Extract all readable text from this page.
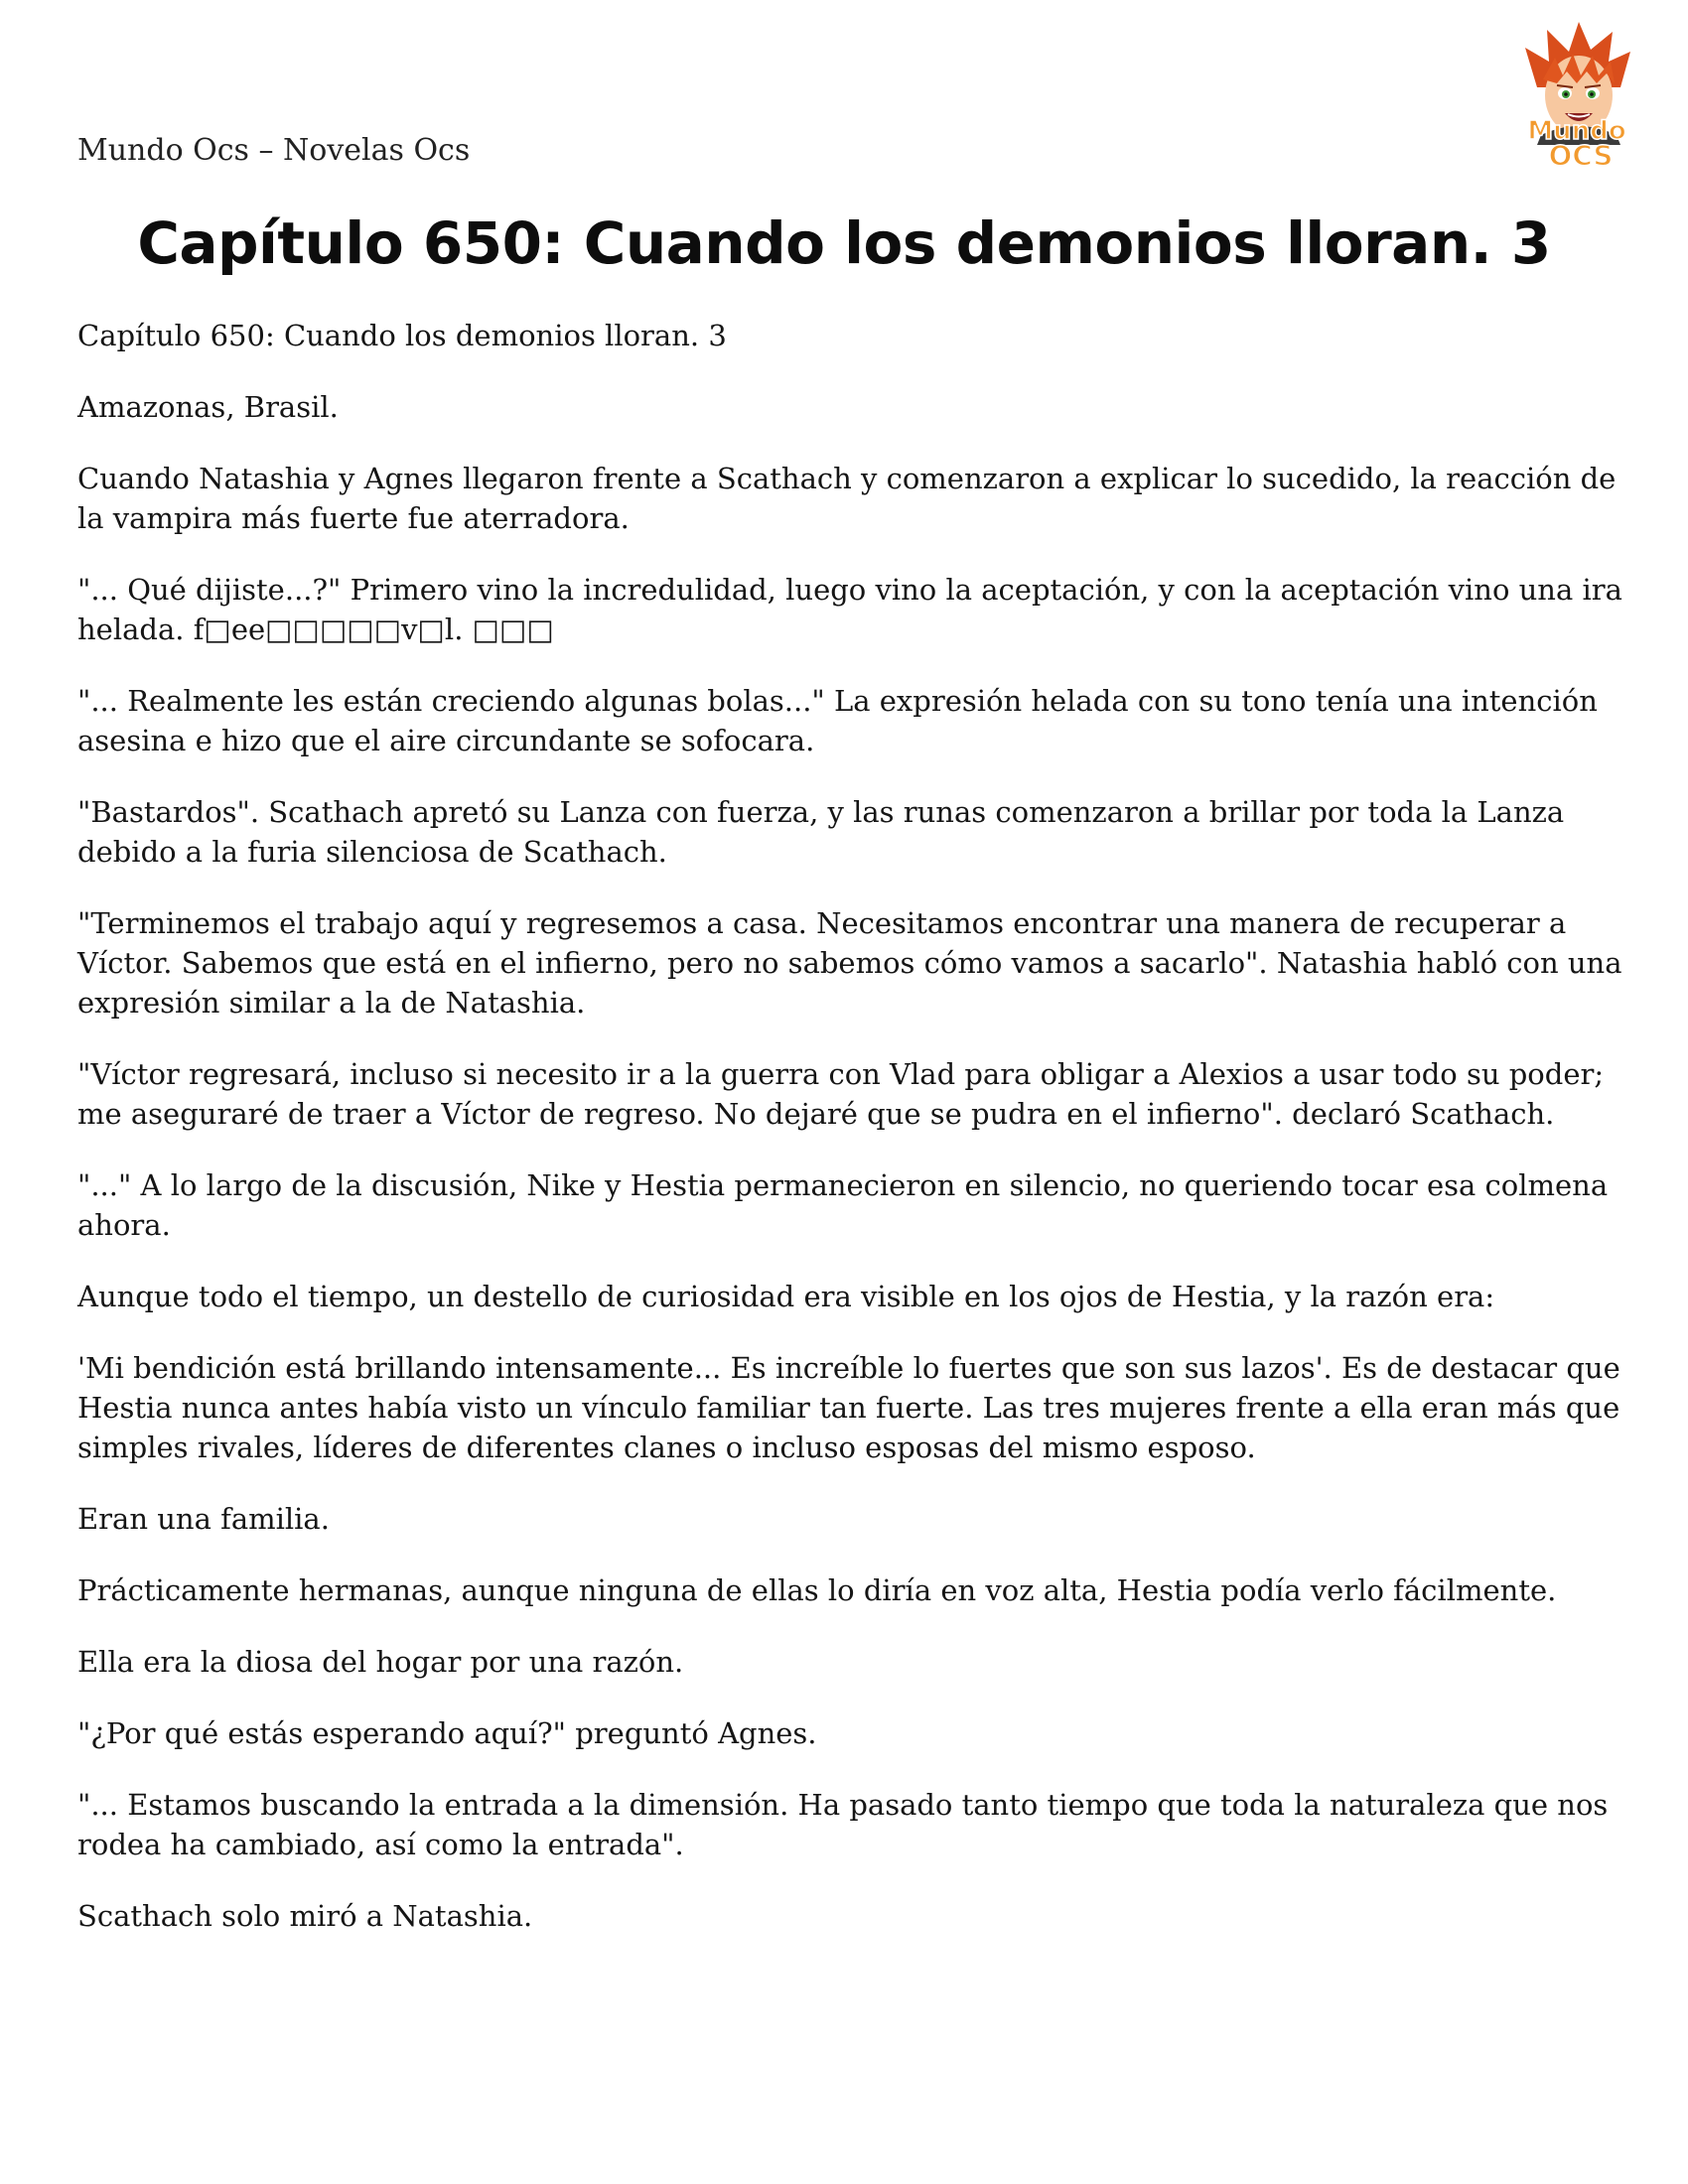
Mundo Ocs – Novelas Ocs
Mundo
OCS
Capítulo 650: Cuando los demonios lloran. 3

Capítulo 650: Cuando los demonios lloran. 3

Amazonas, Brasil.

Cuando Natashia y Agnes llegaron frente a Scathach y comenzaron a explicar lo sucedido, la reacción de la vampira más fuerte fue aterradora.

"... Qué dijiste...?" Primero vino la incredulidad, luego vino la aceptación, y con la aceptación vino una ira helada. f□ee□□□□□v□l. □□□

"... Realmente les están creciendo algunas bolas..." La expresión helada con su tono tenía una intención asesina e hizo que el aire circundante se sofocara.

"Bastardos". Scathach apretó su Lanza con fuerza, y las runas comenzaron a brillar por toda la Lanza debido a la furia silenciosa de Scathach.

"Terminemos el trabajo aquí y regresemos a casa. Necesitamos encontrar una manera de recuperar a Víctor. Sabemos que está en el infierno, pero no sabemos cómo vamos a sacarlo". Natashia habló con una expresión similar a la de Natashia.

"Víctor regresará, incluso si necesito ir a la guerra con Vlad para obligar a Alexios a usar todo su poder; me aseguraré de traer a Víctor de regreso. No dejaré que se pudra en el infierno". declaró Scathach.

"..." A lo largo de la discusión, Nike y Hestia permanecieron en silencio, no queriendo tocar esa colmena ahora.

Aunque todo el tiempo, un destello de curiosidad era visible en los ojos de Hestia, y la razón era:

'Mi bendición está brillando intensamente... Es increíble lo fuertes que son sus lazos'. Es de destacar que Hestia nunca antes había visto un vínculo familiar tan fuerte. Las tres mujeres frente a ella eran más que simples rivales, líderes de diferentes clanes o incluso esposas del mismo esposo.

Eran una familia.

Prácticamente hermanas, aunque ninguna de ellas lo diría en voz alta, Hestia podía verlo fácilmente.

Ella era la diosa del hogar por una razón.

"¿Por qué estás esperando aquí?" preguntó Agnes.

"... Estamos buscando la entrada a la dimensión. Ha pasado tanto tiempo que toda la naturaleza que nos rodea ha cambiado, así como la entrada".

Scathach solo miró a Natashia.
